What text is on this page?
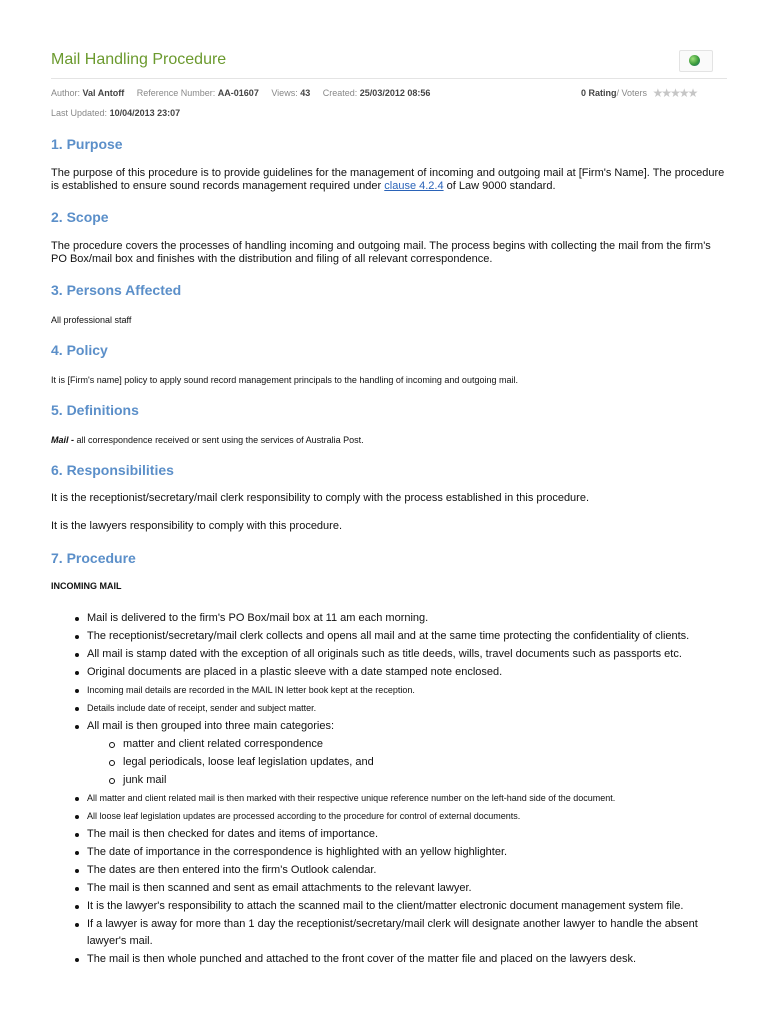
Mail Handling Procedure
Author: Val Antoff Reference Number: AA-01607 Views: 43 Created: 25/03/2012 08:56	0 Rating/ Voters ★★★★★
Last Updated: 10/04/2013 23:07
1. Purpose
The purpose of this procedure is to provide guidelines for the management of incoming and outgoing mail at [Firm's Name]. The procedure is established to ensure sound records management required under clause 4.2.4 of Law 9000 standard.
2. Scope
The procedure covers the processes of handling incoming and outgoing mail. The process begins with collecting the mail from the firm's PO Box/mail box and finishes with the distribution and filing of all relevant correspondence.
3. Persons Affected
All professional staff
4. Policy
It is [Firm's name] policy to apply sound record management principals to the handling of incoming and outgoing mail.
5. Definitions
Mail - all correspondence received or sent using the services of Australia Post.
6. Responsibilities
It is the receptionist/secretary/mail clerk responsibility to comply with the process established in this procedure.
It is the lawyers responsibility to comply with this procedure.
7. Procedure
INCOMING MAIL
Mail is delivered to the firm's PO Box/mail box at 11 am each morning.
The receptionist/secretary/mail clerk collects and opens all mail and at the same time protecting the confidentiality of clients.
All mail is stamp dated with the exception of all originals such as title deeds, wills, travel documents such as passports etc.
Original documents are placed in a plastic sleeve with a date stamped note enclosed.
Incoming mail details are recorded in the MAIL IN letter book kept at the reception.
Details include date of receipt, sender and subject matter.
All mail is then grouped into three main categories:
matter and client related correspondence
legal periodicals, loose leaf legislation updates, and
junk mail
All matter and client related mail is then marked with their respective unique reference number on the left-hand side of the document.
All loose leaf legislation updates are processed according to the procedure for control of external documents.
The mail is then checked for dates and items of importance.
The date of importance in the correspondence is highlighted with an yellow highlighter.
The dates are then entered into the firm's Outlook calendar.
The mail is then scanned and sent as email attachments to the relevant lawyer.
It is the lawyer's responsibility to attach the scanned mail to the client/matter electronic document management system file.
If a lawyer is away for more than 1 day the receptionist/secretary/mail clerk will designate another lawyer to handle the absent lawyer's mail.
The mail is then whole punched and attached to the front cover of the matter file and placed on the lawyers desk.
